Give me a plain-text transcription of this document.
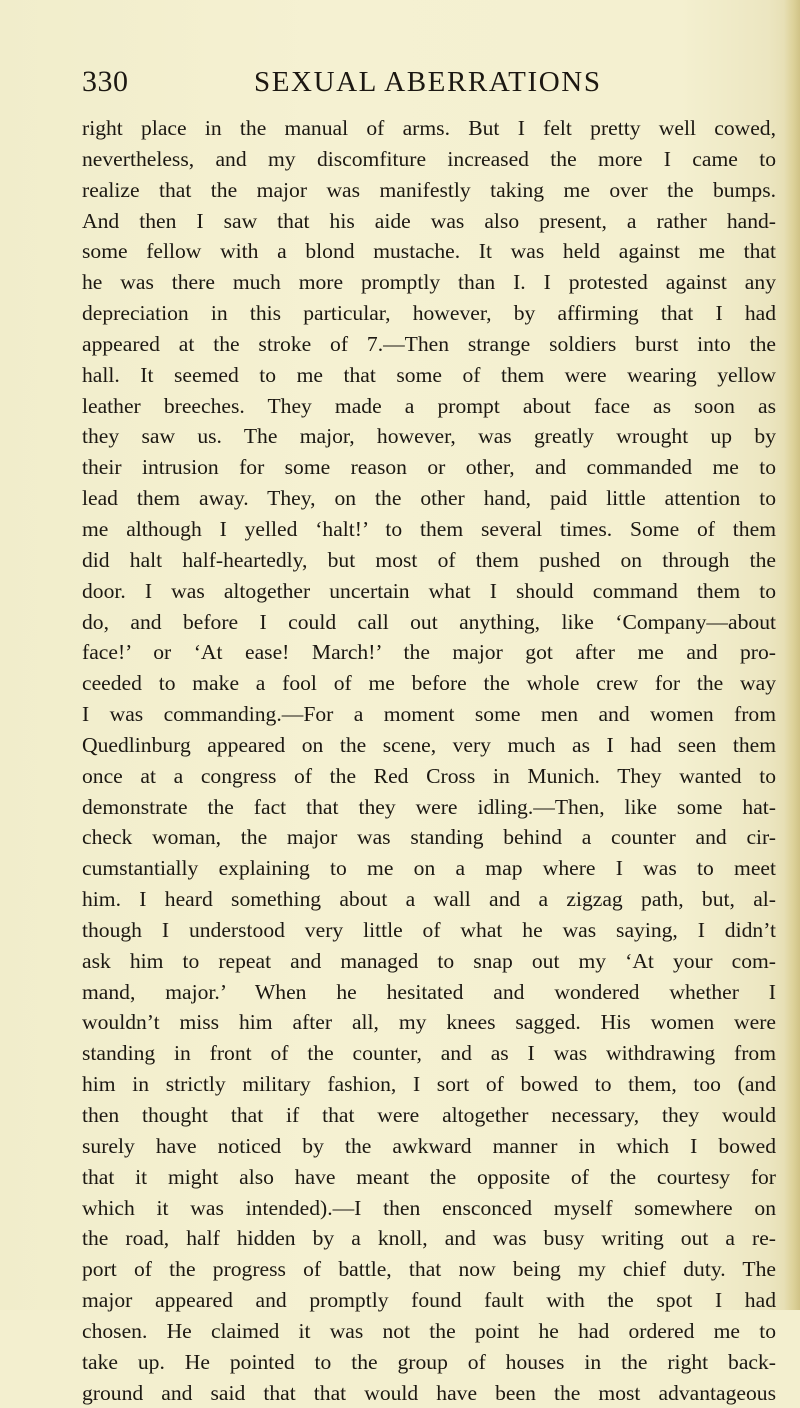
330	SEXUAL ABERRATIONS
right place in the manual of arms. But I felt pretty well cowed,
nevertheless, and my discomfiture increased the more I came to
realize that the major was manifestly taking me over the bumps.
And then I saw that his aide was also present, a rather hand-
some fellow with a blond mustache. It was held against me that
he was there much more promptly than I. I protested against any
depreciation in this particular, however, by affirming that I had
appeared at the stroke of 7.—Then strange soldiers burst into the
hall. It seemed to me that some of them were wearing yellow
leather breeches. They made a prompt about face as soon as
they saw us. The major, however, was greatly wrought up by
their intrusion for some reason or other, and commanded me to
lead them away. They, on the other hand, paid little attention to
me although I yelled ‘halt!’ to them several times. Some of them
did halt half-heartedly, but most of them pushed on through the
door. I was altogether uncertain what I should command them to
do, and before I could call out anything, like ‘Company—about
face!’ or ‘At ease! March!’ the major got after me and pro-
ceeded to make a fool of me before the whole crew for the way
I was commanding.—For a moment some men and women from
Quedlinburg appeared on the scene, very much as I had seen them
once at a congress of the Red Cross in Munich. They wanted to
demonstrate the fact that they were idling.—Then, like some hat-
check woman, the major was standing behind a counter and cir-
cumstantially explaining to me on a map where I was to meet
him. I heard something about a wall and a zigzag path, but, al-
though I understood very little of what he was saying, I didn’t
ask him to repeat and managed to snap out my ‘At your com-
mand, major.’ When he hesitated and wondered whether I
wouldn’t miss him after all, my knees sagged. His women were
standing in front of the counter, and as I was withdrawing from
him in strictly military fashion, I sort of bowed to them, too (and
then thought that if that were altogether necessary, they would
surely have noticed by the awkward manner in which I bowed
that it might also have meant the opposite of the courtesy for
which it was intended).—I then ensconced myself somewhere on
the road, half hidden by a knoll, and was busy writing out a re-
port of the progress of battle, that now being my chief duty. The
major appeared and promptly found fault with the spot I had
chosen. He claimed it was not the point he had ordered me to
take up. He pointed to the group of houses in the right back-
ground and said that that would have been the most advantageous
